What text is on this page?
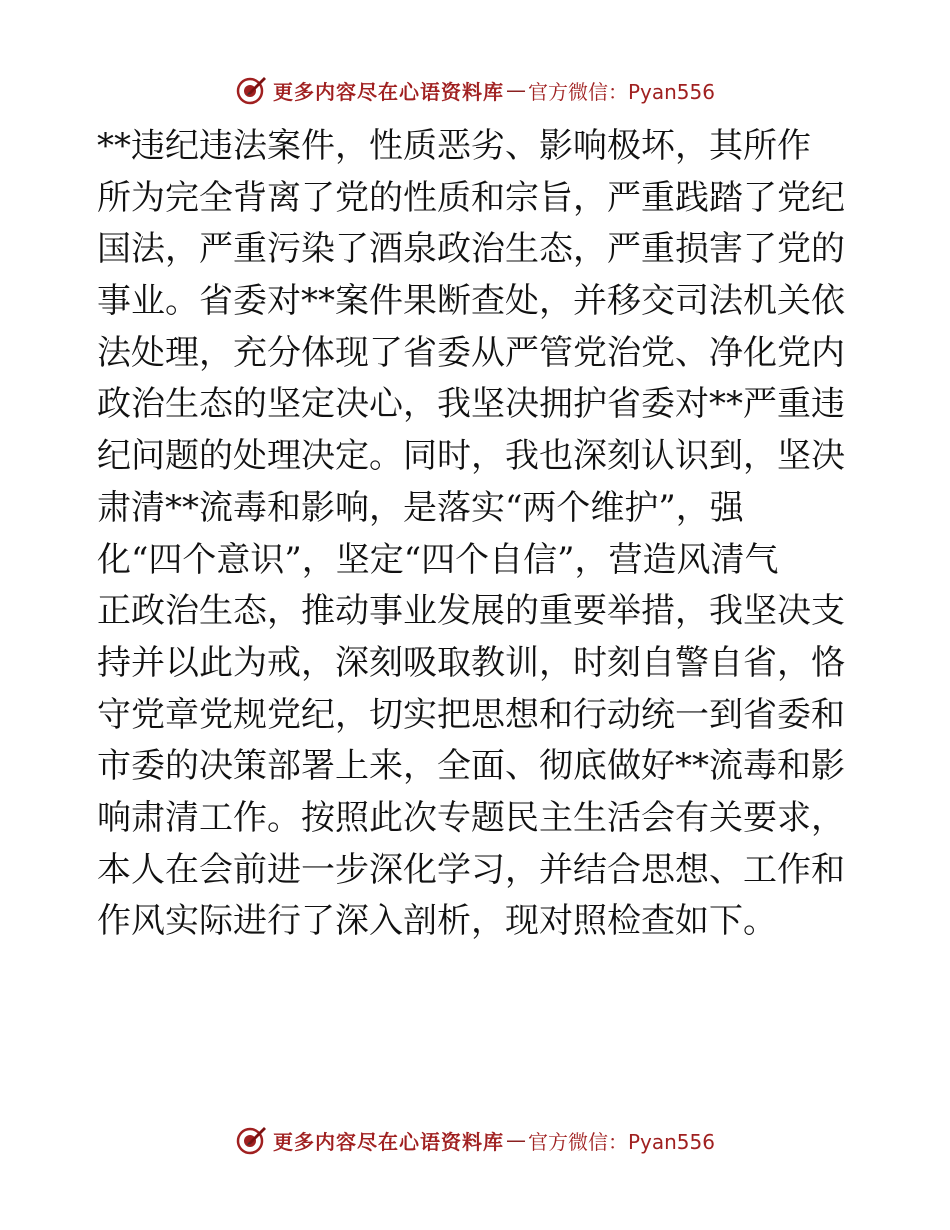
更多内容尽在心语资料库 — 官方微信：Pyan556
**违纪违法案件，性质恶劣、影响极坏，其所作
所为完全背离了党的性质和宗旨，严重践踏了党纪
国法，严重污染了酒泉政治生态，严重损害了党的
事业。省委对**案件果断查处，并移交司法机关依
法处理，充分体现了省委从严管党治党、净化党内
政治生态的坚定决心，我坚决拥护省委对**严重违
纪问题的处理决定。同时，我也深刻认识到，坚决
肃清**流毒和影响，是落实“两个维护”，强
化“四个意识”，坚定“四个自信”，营造风清气
正政治生态，推动事业发展的重要举措，我坚决支
持并以此为戒，深刻吸取教训，时刻自警自省，恪
守党章党规党纪，切实把思想和行动统一到省委和
市委的决策部署上来，全面、彻底做好**流毒和影
响肃清工作。按照此次专题民主生活会有关要求，
本人在会前进一步深化学习，并结合思想、工作和
作风实际进行了深入剖析，现对照检查如下。
更多内容尽在心语资料库 — 官方微信：Pyan556
